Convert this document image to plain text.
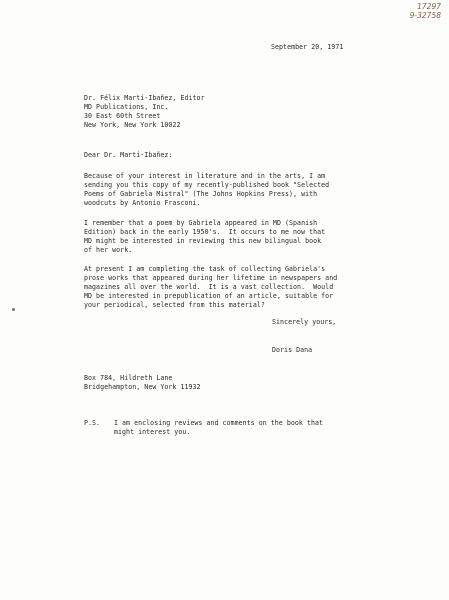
17297
9-32758
September 20, 1971
Dr. Félix Martí-Ibañez, Editor
MD Publications, Inc.
30 East 60th Street
New York, New York 10022
Dear Dr. Martí-Ibañez:
Because of your interest in literature and in the arts, I am
sending you this copy of my recently-published book "Selected
Poems of Gabriela Mistral" (The Johns Hopkins Press), with
woodcuts by Antonio Frasconi.
I remember that a poem by Gabriela appeared in MD (Spanish
Edition) back in the early 1950's.  It occurs to me now that
MD might be interested in reviewing this new bilingual book
of her work.
At present I am completing the task of collecting Gabriela's
prose works that appeared during her lifetime in newspapers and
magazines all over the world.  It is a vast collection.  Would
MD be interested in prepublication of an article, suitable for
your periodical, selected from this material?
Sincerely yours,
Doris Dana
Box 784, Hildreth Lane
Bridgehampton, New York 11932
P.S. I am enclosing reviews and comments on the book that
might interest you.
